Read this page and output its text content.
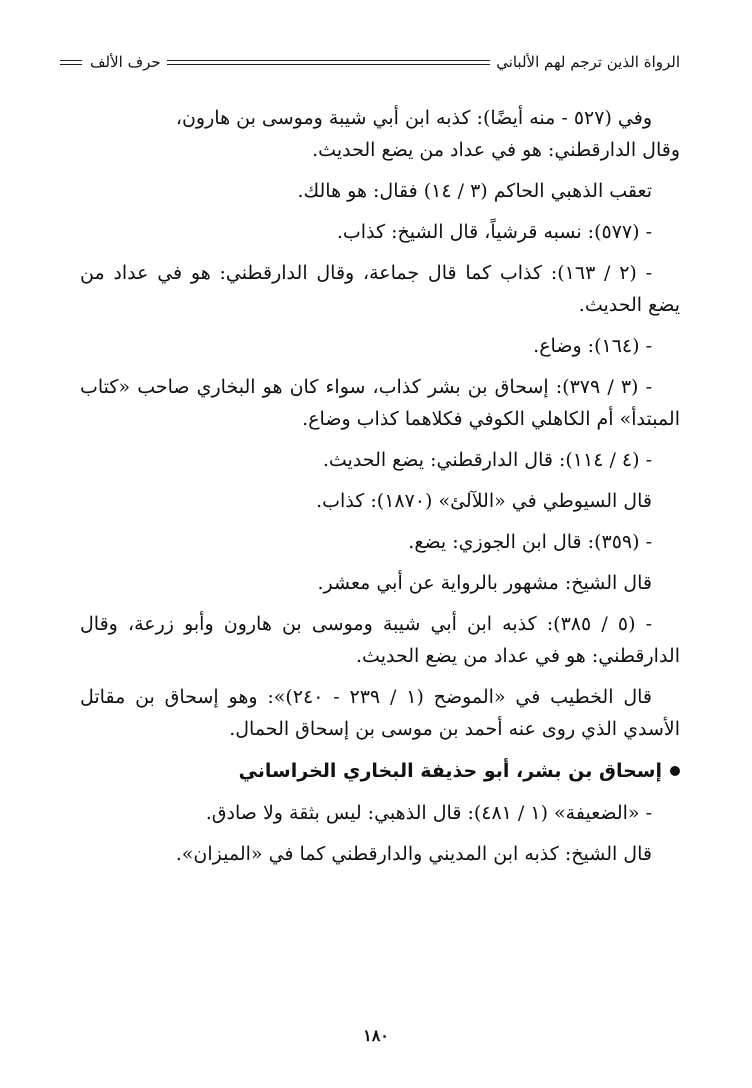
الرواة الذين ترجم لهم الألباني
حرف الألف

وفي (٥٢٧ - منه أيضًا): كذبه ابن أبي شيبة وموسى بن هارون،

وقال الدارقطني: هو في عداد من يضع الحديث.

تعقب الذهبي الحاكم (٣ / ١٤) فقال: هو هالك.

- (٥٧٧): نسبه قرشياً، قال الشيخ: كذاب.

- (٢ / ١٦٣): كذاب كما قال جماعة، وقال الدارقطني: هو في عداد من يضع الحديث.

- (١٦٤): وضاع.

- (٣ / ٣٧٩): إسحاق بن بشر كذاب، سواء كان هو البخاري صاحب «كتاب المبتدأ» أم الكاهلي الكوفي فكلاهما كذاب وضاع.

- (٤ / ١١٤): قال الدارقطني: يضع الحديث.

قال السيوطي في «اللآلئ» (١٨٧٠): كذاب.

- (٣٥٩): قال ابن الجوزي: يضع.

قال الشيخ: مشهور بالرواية عن أبي معشر.

- (٥ / ٣٨٥): كذبه ابن أبي شيبة وموسى بن هارون وأبو زرعة، وقال الدارقطني: هو في عداد من يضع الحديث.

قال الخطيب في «الموضح (١ / ٢٣٩ - ٢٤٠)»: وهو إسحاق بن مقاتل الأسدي الذي روى عنه أحمد بن موسى بن إسحاق الحمال.

إسحاق بن بشر، أبو حذيفة البخاري الخراساني

- «الضعيفة» (١ / ٤٨١): قال الذهبي: ليس بثقة ولا صادق.

قال الشيخ: كذبه ابن المديني والدارقطني كما في «الميزان».

١٨٠
